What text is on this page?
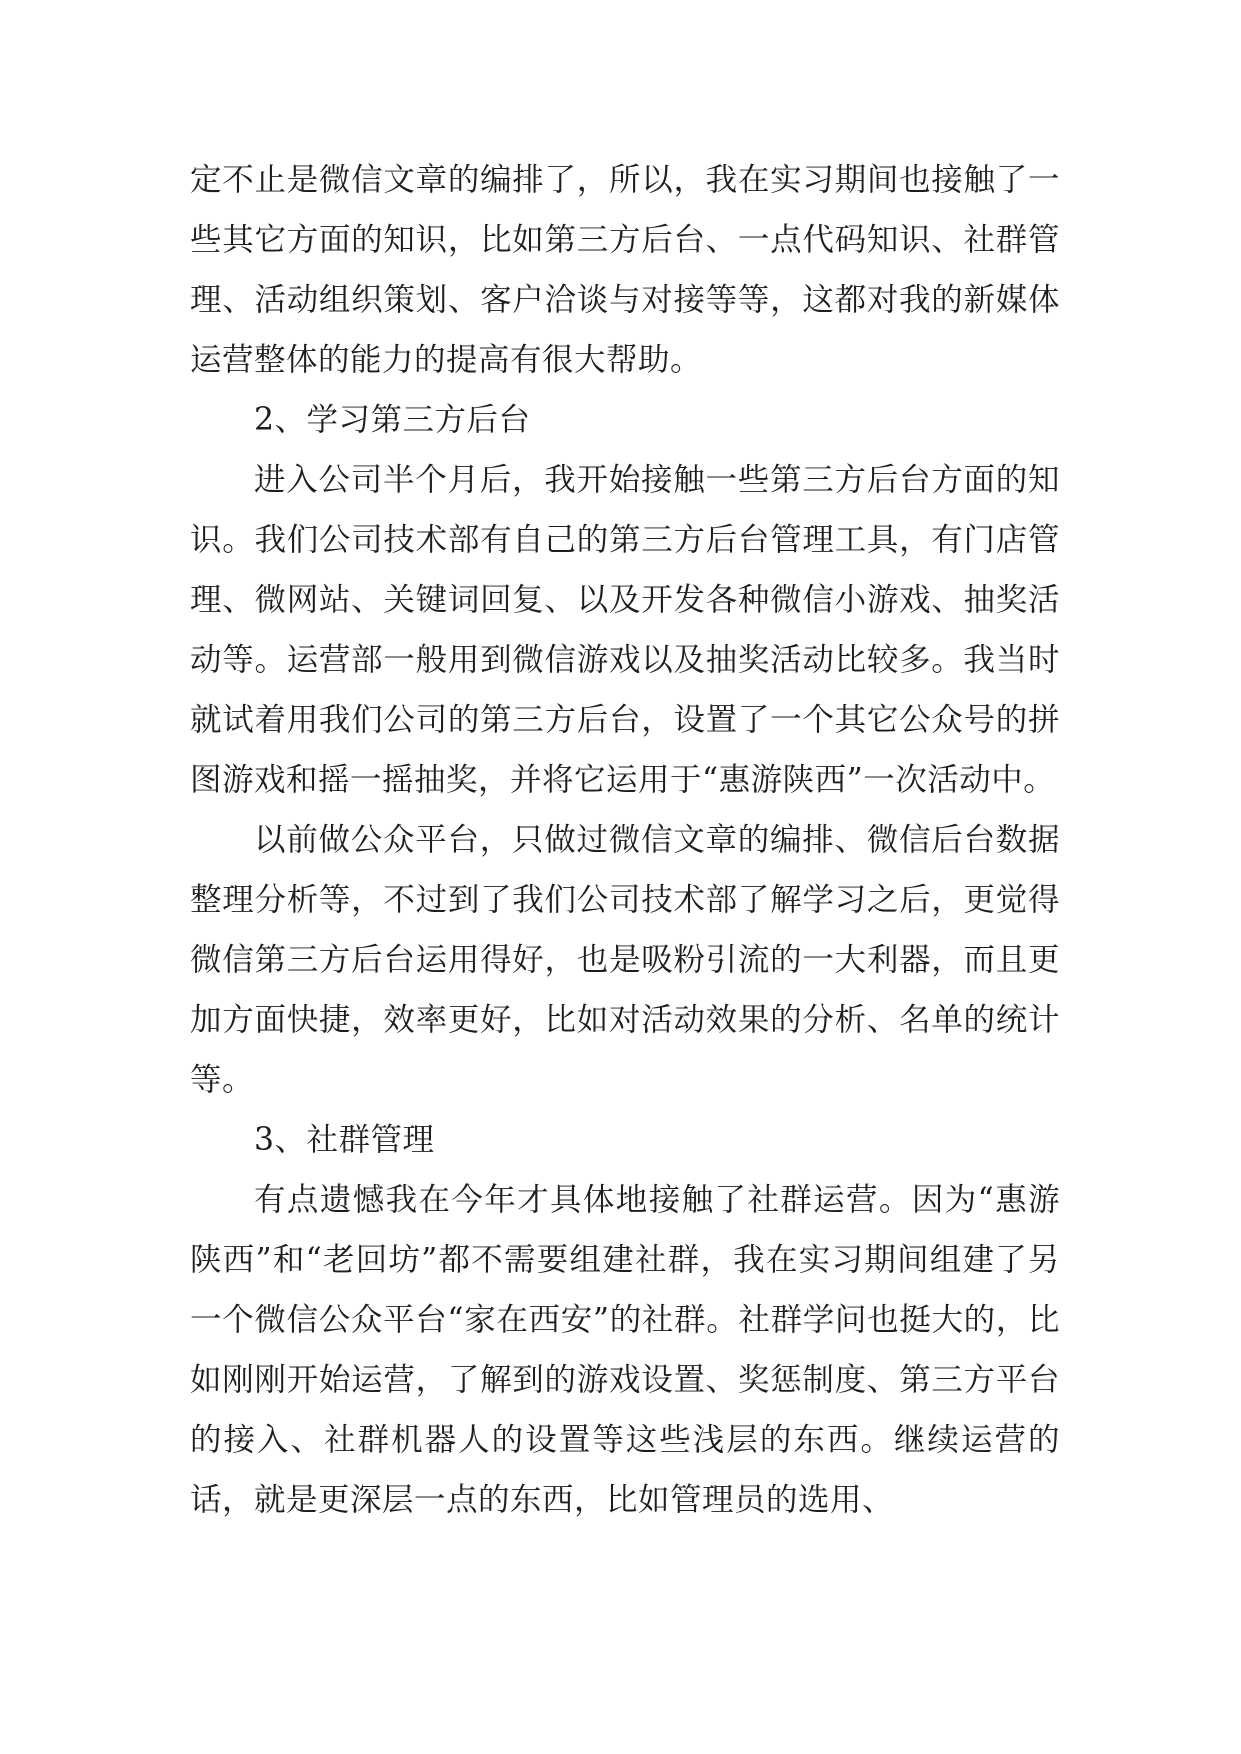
定不止是微信文章的编排了，所以，我在实习期间也接触了一些其它方面的知识，比如第三方后台、一点代码知识、社群管理、活动组织策划、客户洽谈与对接等等，这都对我的新媒体运营整体的能力的提高有很大帮助。

2、学习第三方后台

进入公司半个月后，我开始接触一些第三方后台方面的知识。我们公司技术部有自己的第三方后台管理工具，有门店管理、微网站、关键词回复、以及开发各种微信小游戏、抽奖活动等。运营部一般用到微信游戏以及抽奖活动比较多。我当时就试着用我们公司的第三方后台，设置了一个其它公众号的拼图游戏和摇一摇抽奖，并将它运用于“惠游陕西”一次活动中。

以前做公众平台，只做过微信文章的编排、微信后台数据整理分析等，不过到了我们公司技术部了解学习之后，更觉得微信第三方后台运用得好，也是吸粉引流的一大利器，而且更加方面快捷，效率更好，比如对活动效果的分析、名单的统计等。

3、社群管理

有点遗憾我在今年才具体地接触了社群运营。因为“惠游陕西”和“老回坊”都不需要组建社群，我在实习期间组建了另一个微信公众平台“家在西安”的社群。社群学问也挺大的，比如刚刚开始运营，了解到的游戏设置、奖惩制度、第三方平台的接入、社群机器人的设置等这些浅层的东西。继续运营的话，就是更深层一点的东西，比如管理员的选用、
